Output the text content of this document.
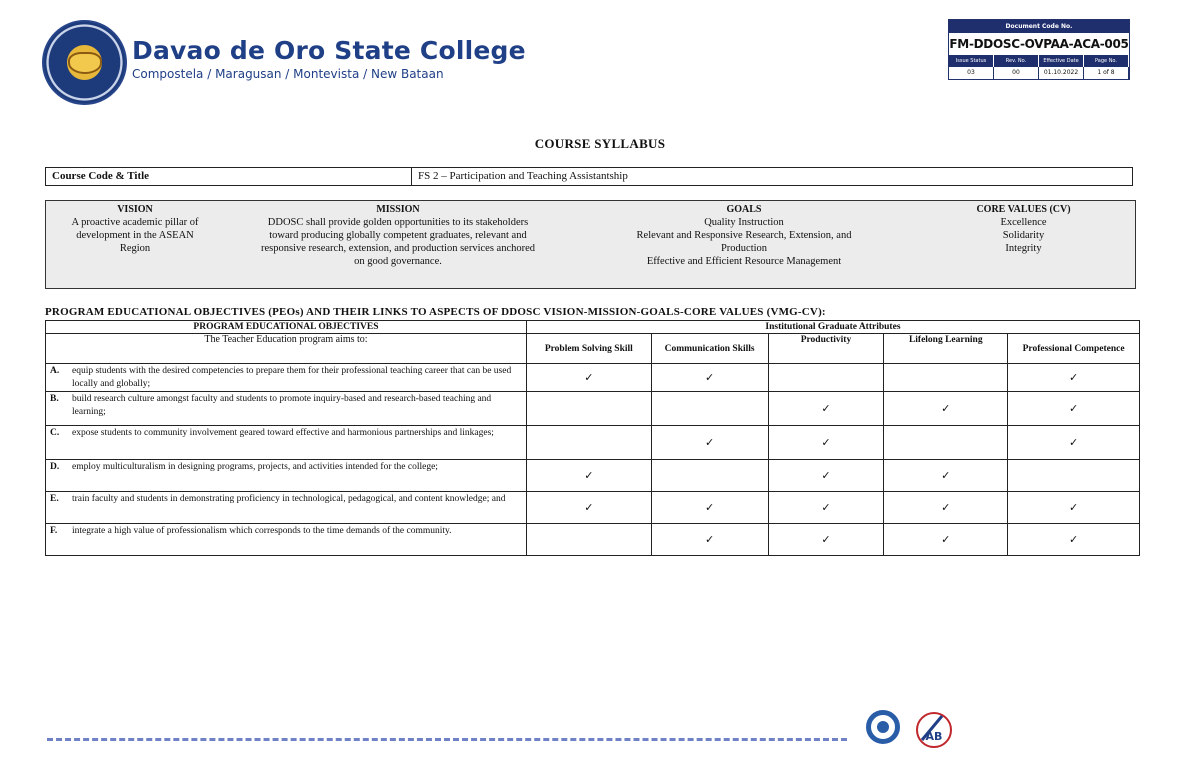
Davao de Oro State College
Compostela / Maragusan / Montevista / New Bataan
Document Code No.
FM-DDOSC-OVPAA-ACA-005
Issue Status	Rev. No.	Effective Date	Page No.
03	00	01.10.2022	1 of 8
COURSE SYLLABUS
Course Code & Title	FS 2 – Participation and Teaching Assistantship
VISION
A proactive academic pillar of
development in the ASEAN
Region
MISSION
DDOSC shall provide golden opportunities to its stakeholders
toward producing globally competent graduates, relevant and
responsive research, extension, and production services anchored
on good governance.
GOALS
Quality Instruction
Relevant and Responsive Research, Extension, and
Production
Effective and Efficient Resource Management
CORE VALUES (CV)
Excellence
Solidarity
Integrity
PROGRAM EDUCATIONAL OBJECTIVES (PEOs) AND THEIR LINKS TO ASPECTS OF DDOSC VISION-MISSION-GOALS-CORE VALUES (VMG-CV):
PROGRAM EDUCATIONAL OBJECTIVES	Institutional Graduate Attributes				
The Teacher Education program aims to:	Problem Solving Skill	Communication Skills	Productivity	Lifelong Learning	Professional Competence
A. equip students with the desired competencies to prepare them for their professional teaching career that can be used locally and globally;	✓	✓			✓
B. build research culture amongst faculty and students to promote inquiry-based and research-based teaching and learning;			✓	✓	✓
C. expose students to community involvement geared toward effective and harmonious partnerships and linkages;		✓	✓		✓
D. employ multiculturalism in designing programs, projects, and activities intended for the college;	✓		✓	✓	
E. train faculty and students in demonstrating proficiency in technological, pedagogical, and content knowledge; and	✓	✓	✓	✓	✓
F. integrate a high value of professionalism which corresponds to the time demands of the community.		✓	✓	✓	✓
AB
